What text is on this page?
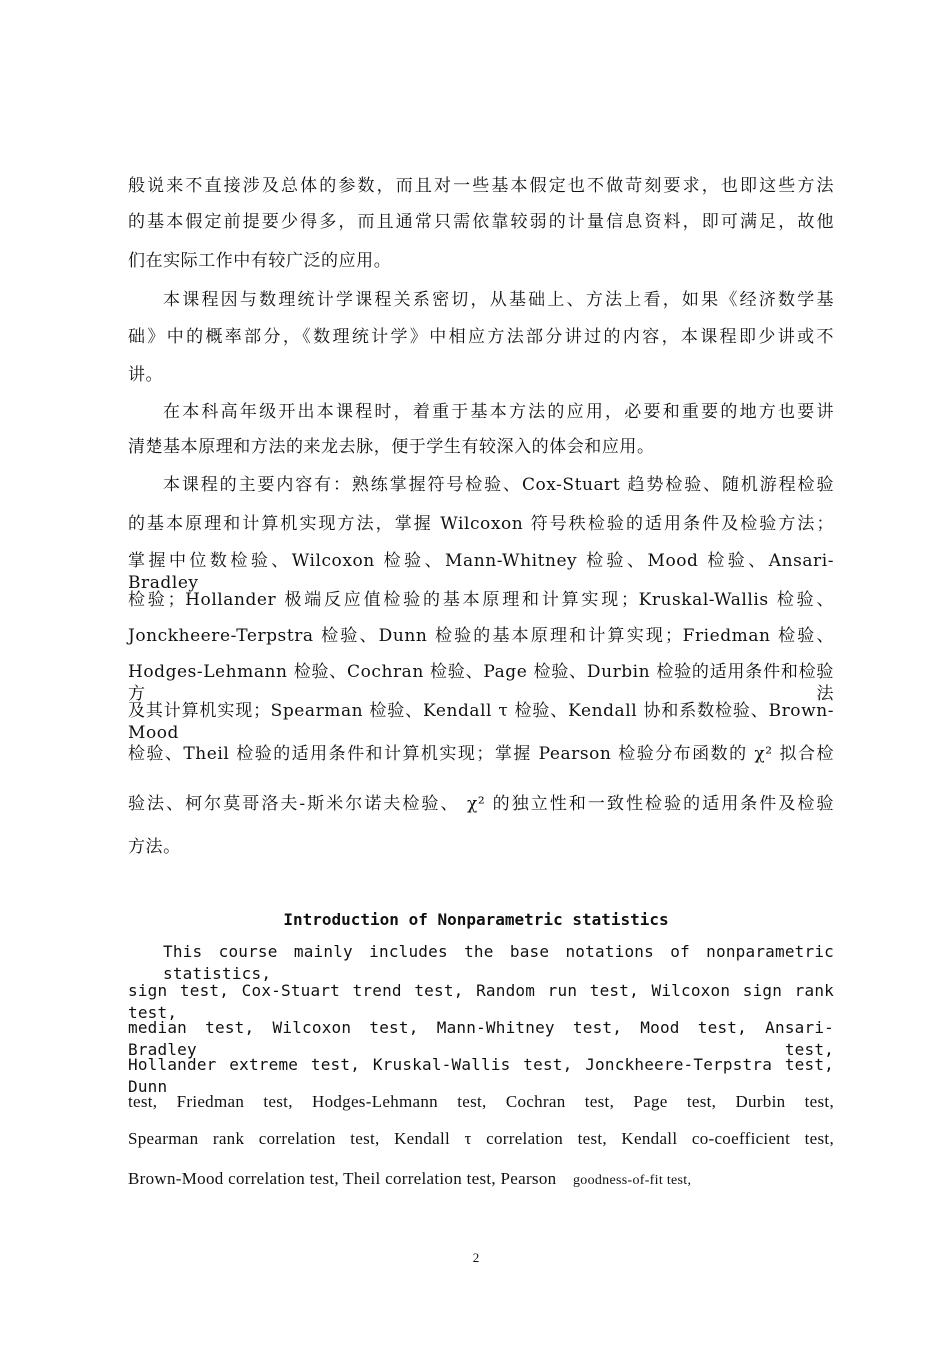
般说来不直接涉及总体的参数，而且对一些基本假定也不做苛刻要求，也即这些方法

的基本假定前提要少得多，而且通常只需依靠较弱的计量信息资料，即可满足，故他

们在实际工作中有较广泛的应用。

本课程因与数理统计学课程关系密切，从基础上、方法上看，如果《经济数学基

础》中的概率部分，《数理统计学》中相应方法部分讲过的内容，本课程即少讲或不

讲。

在本科高年级开出本课程时，着重于基本方法的应用，必要和重要的地方也要讲

清楚基本原理和方法的来龙去脉，便于学生有较深入的体会和应用。

本课程的主要内容有：熟练掌握符号检验、Cox-Stuart 趋势检验、随机游程检验

的基本原理和计算机实现方法，掌握 Wilcoxon 符号秩检验的适用条件及检验方法；

掌握中位数检验、Wilcoxon 检验、Mann-Whitney 检验、Mood 检验、Ansari-Bradley

检验；Hollander 极端反应值检验的基本原理和计算实现；Kruskal-Wallis 检验、

Jonckheere-Terpstra 检验、Dunn 检验的基本原理和计算实现；Friedman 检验、

Hodges-Lehmann 检验、Cochran 检验、Page 检验、Durbin 检验的适用条件和检验方法

及其计算机实现；Spearman 检验、Kendall τ 检验、Kendall 协和系数检验、Brown-Mood

检验、Theil 检验的适用条件和计算机实现；掌握 Pearson 检验分布函数的 χ² 拟合检

验法、柯尔莫哥洛夫-斯米尔诺夫检验、 χ² 的独立性和一致性检验的适用条件及检验

方法。

Introduction of Nonparametric statistics

This course mainly includes the base notations of nonparametric statistics,

sign test, Cox-Stuart trend test, Random run test, Wilcoxon sign rank test,

median test, Wilcoxon test, Mann-Whitney test, Mood test, Ansari-Bradley test,

Hollander extreme test, Kruskal-Wallis test, Jonckheere-Terpstra test, Dunn

test, Friedman test, Hodges-Lehmann test, Cochran test, Page test, Durbin test,

Spearman rank correlation test, Kendall τ correlation test, Kendall co-coefficient test,

Brown-Mood correlation test, Theil correlation test, Pearson goodness-of-fit test,
2
